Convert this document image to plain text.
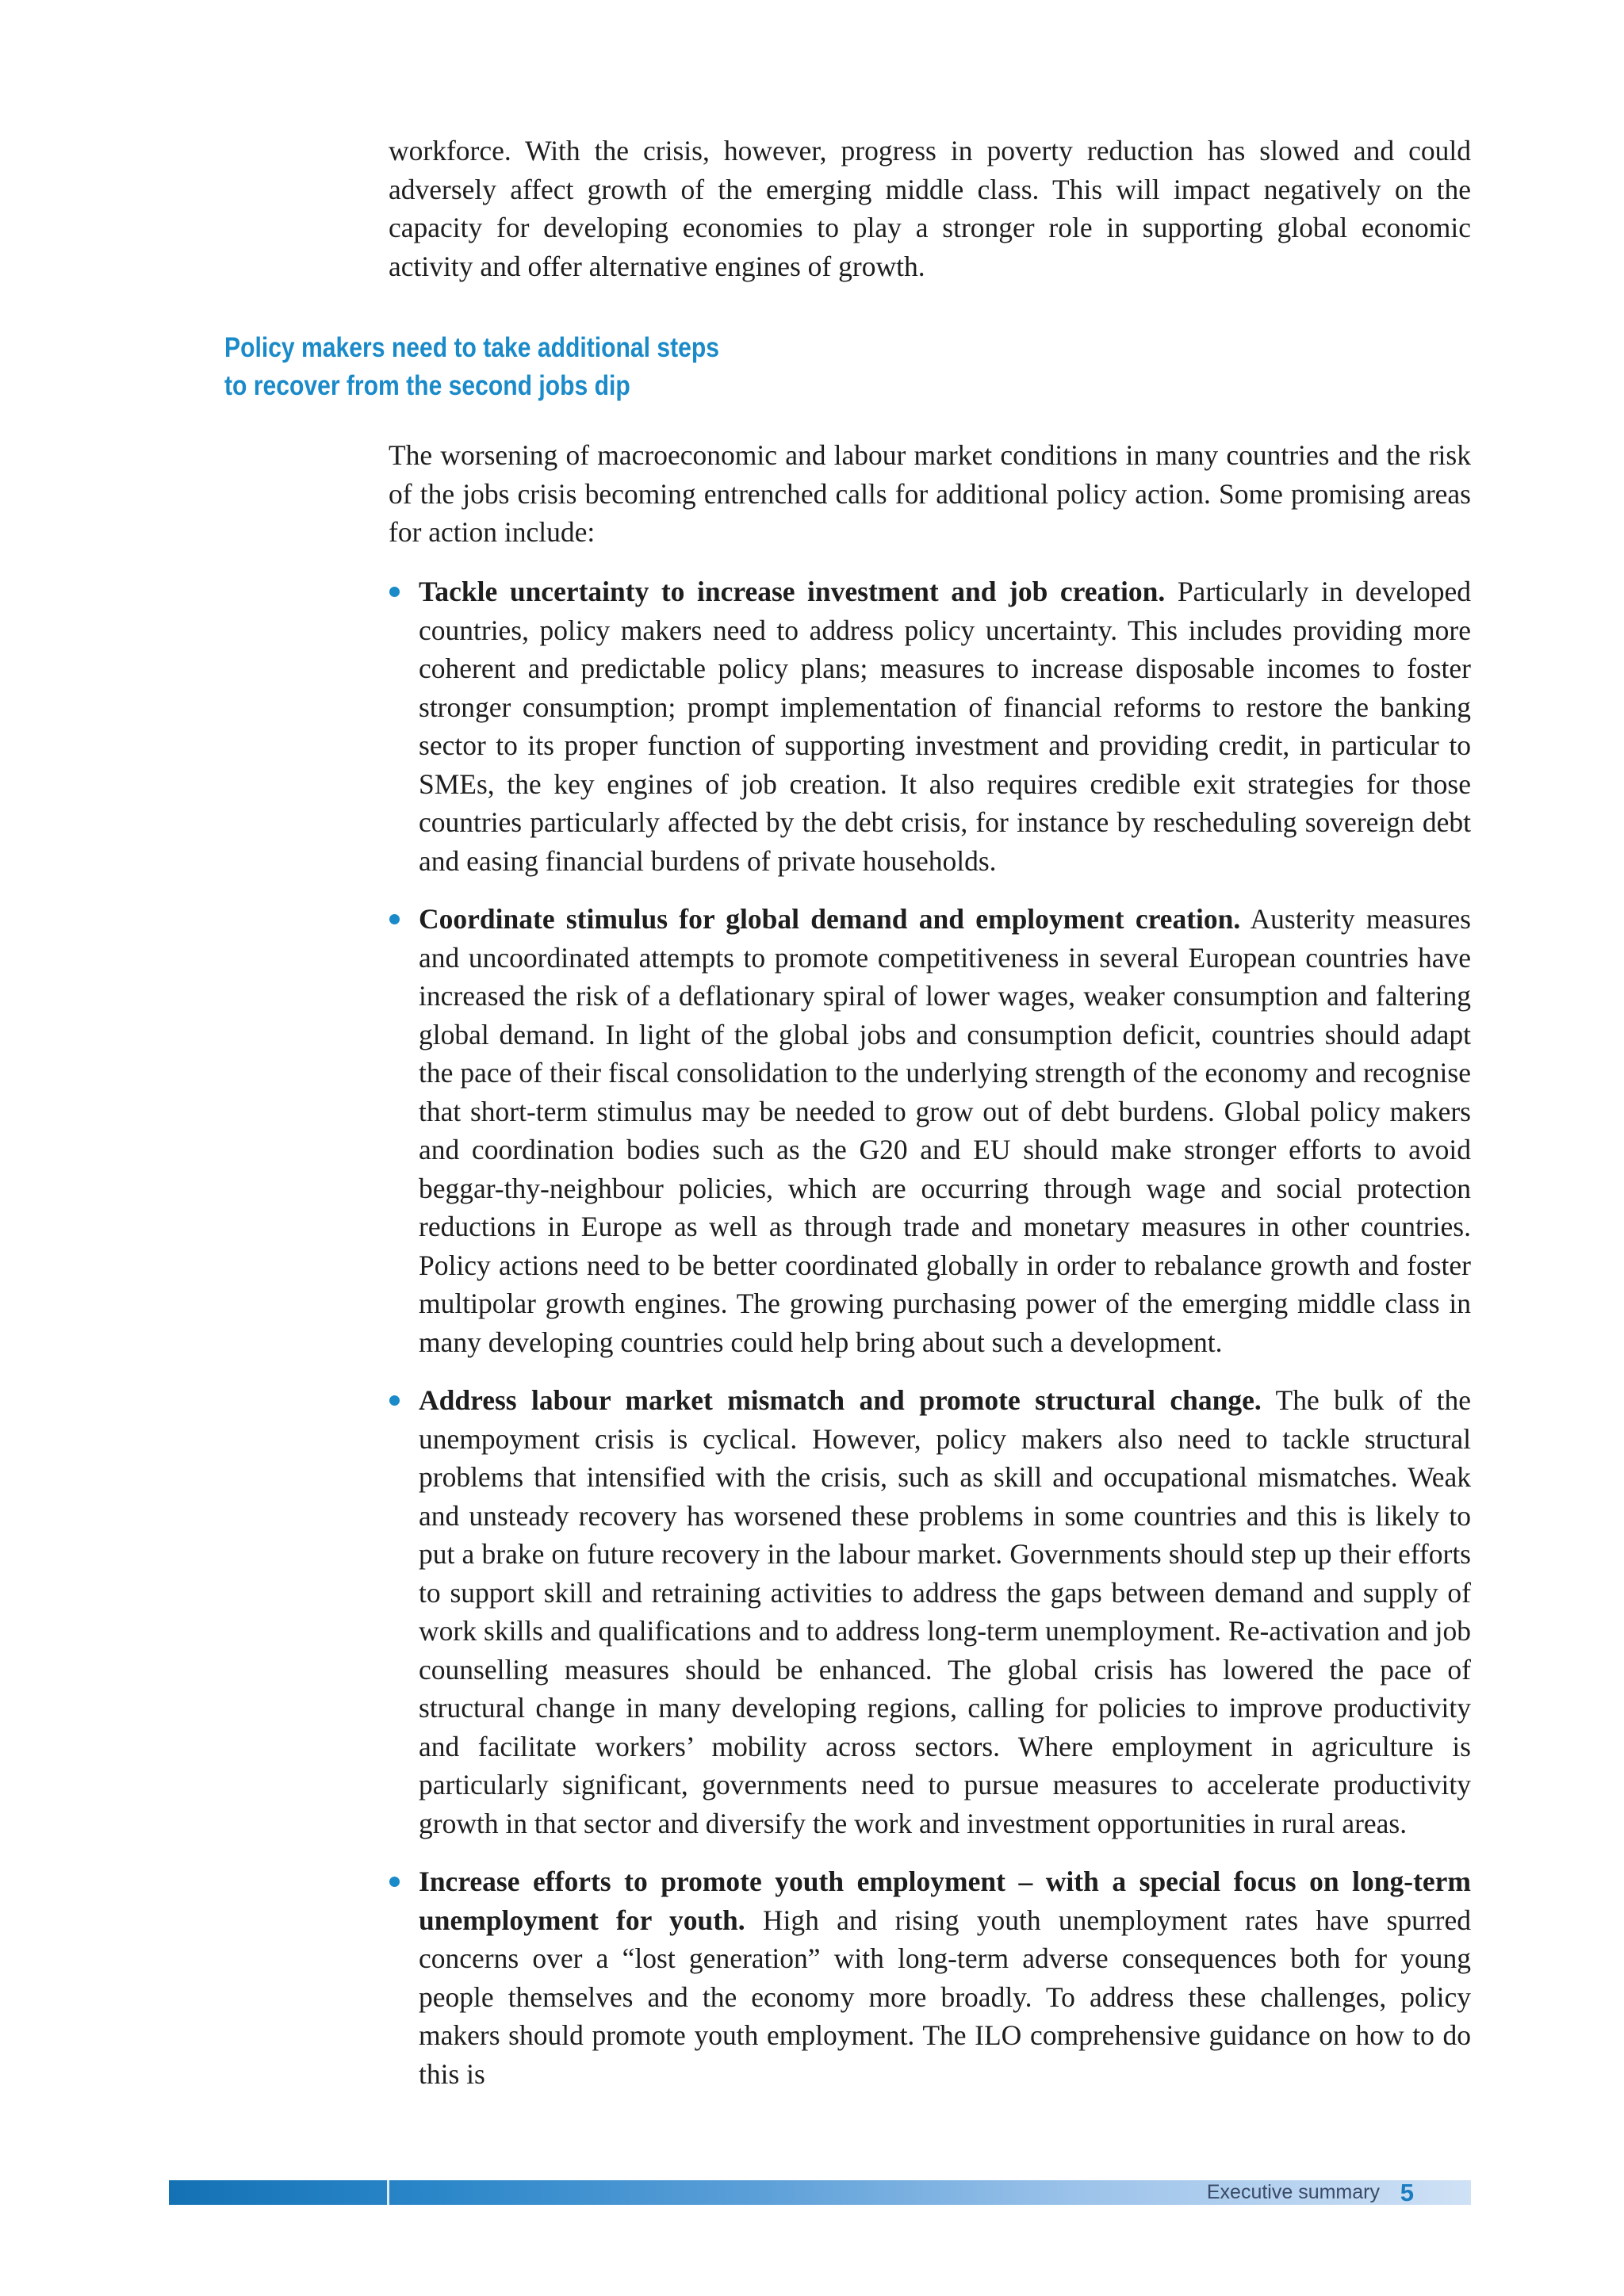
workforce. With the crisis, however, progress in poverty reduction has slowed and could adversely affect growth of the emerging middle class. This will impact negatively on the capacity for developing economies to play a stronger role in supporting global economic activity and offer alternative engines of growth.

Policy makers need to take additional steps
to recover from the second jobs dip

The worsening of macroeconomic and labour market conditions in many countries and the risk of the jobs crisis becoming entrenched calls for additional policy action. Some promising areas for action include:

Tackle uncertainty to increase investment and job creation. Particularly in developed countries, policy makers need to address policy uncertainty. This includes providing more coherent and predictable policy plans; measures to increase disposable incomes to foster stronger consumption; prompt implementation of financial reforms to restore the banking sector to its proper function of supporting investment and providing credit, in particular to SMEs, the key engines of job creation. It also requires credible exit strategies for those countries particularly affected by the debt crisis, for instance by rescheduling sovereign debt and easing financial burdens of private households.
Coordinate stimulus for global demand and employment creation. Austerity measures and uncoordinated attempts to promote competitiveness in several European countries have increased the risk of a deflationary spiral of lower wages, weaker consumption and faltering global demand. In light of the global jobs and consumption deficit, countries should adapt the pace of their fiscal consolidation to the underlying strength of the economy and recognise that short-term stimulus may be needed to grow out of debt burdens. Global policy makers and coordination bodies such as the G20 and EU should make stronger efforts to avoid beggar-thy-neighbour policies, which are occurring through wage and social protection reductions in Europe as well as through trade and monetary measures in other countries. Policy actions need to be better coordinated globally in order to rebalance growth and foster multipolar growth engines. The growing purchasing power of the emerging middle class in many developing countries could help bring about such a development.
Address labour market mismatch and promote structural change. The bulk of the unempoyment crisis is cyclical. However, policy makers also need to tackle structural problems that intensified with the crisis, such as skill and occupational mismatches. Weak and unsteady recovery has worsened these problems in some countries and this is likely to put a brake on future recovery in the labour market. Governments should step up their efforts to support skill and retraining activities to address the gaps between demand and supply of work skills and qualifications and to address long-term unemployment. Re-activation and job counselling measures should be enhanced. The global crisis has lowered the pace of structural change in many developing regions, calling for policies to improve productivity and facilitate workers’ mobility across sectors. Where employment in agriculture is particularly significant, governments need to pursue measures to accelerate productivity growth in that sector and diversify the work and investment opportunities in rural areas.
Increase efforts to promote youth employment – with a special focus on long-term unemployment for youth. High and rising youth unemployment rates have spurred concerns over a “lost generation” with long-term adverse consequences both for young people themselves and the economy more broadly. To address these challenges, policy makers should promote youth employment. The ILO comprehensive guidance on how to do this is
Executive summary 5
